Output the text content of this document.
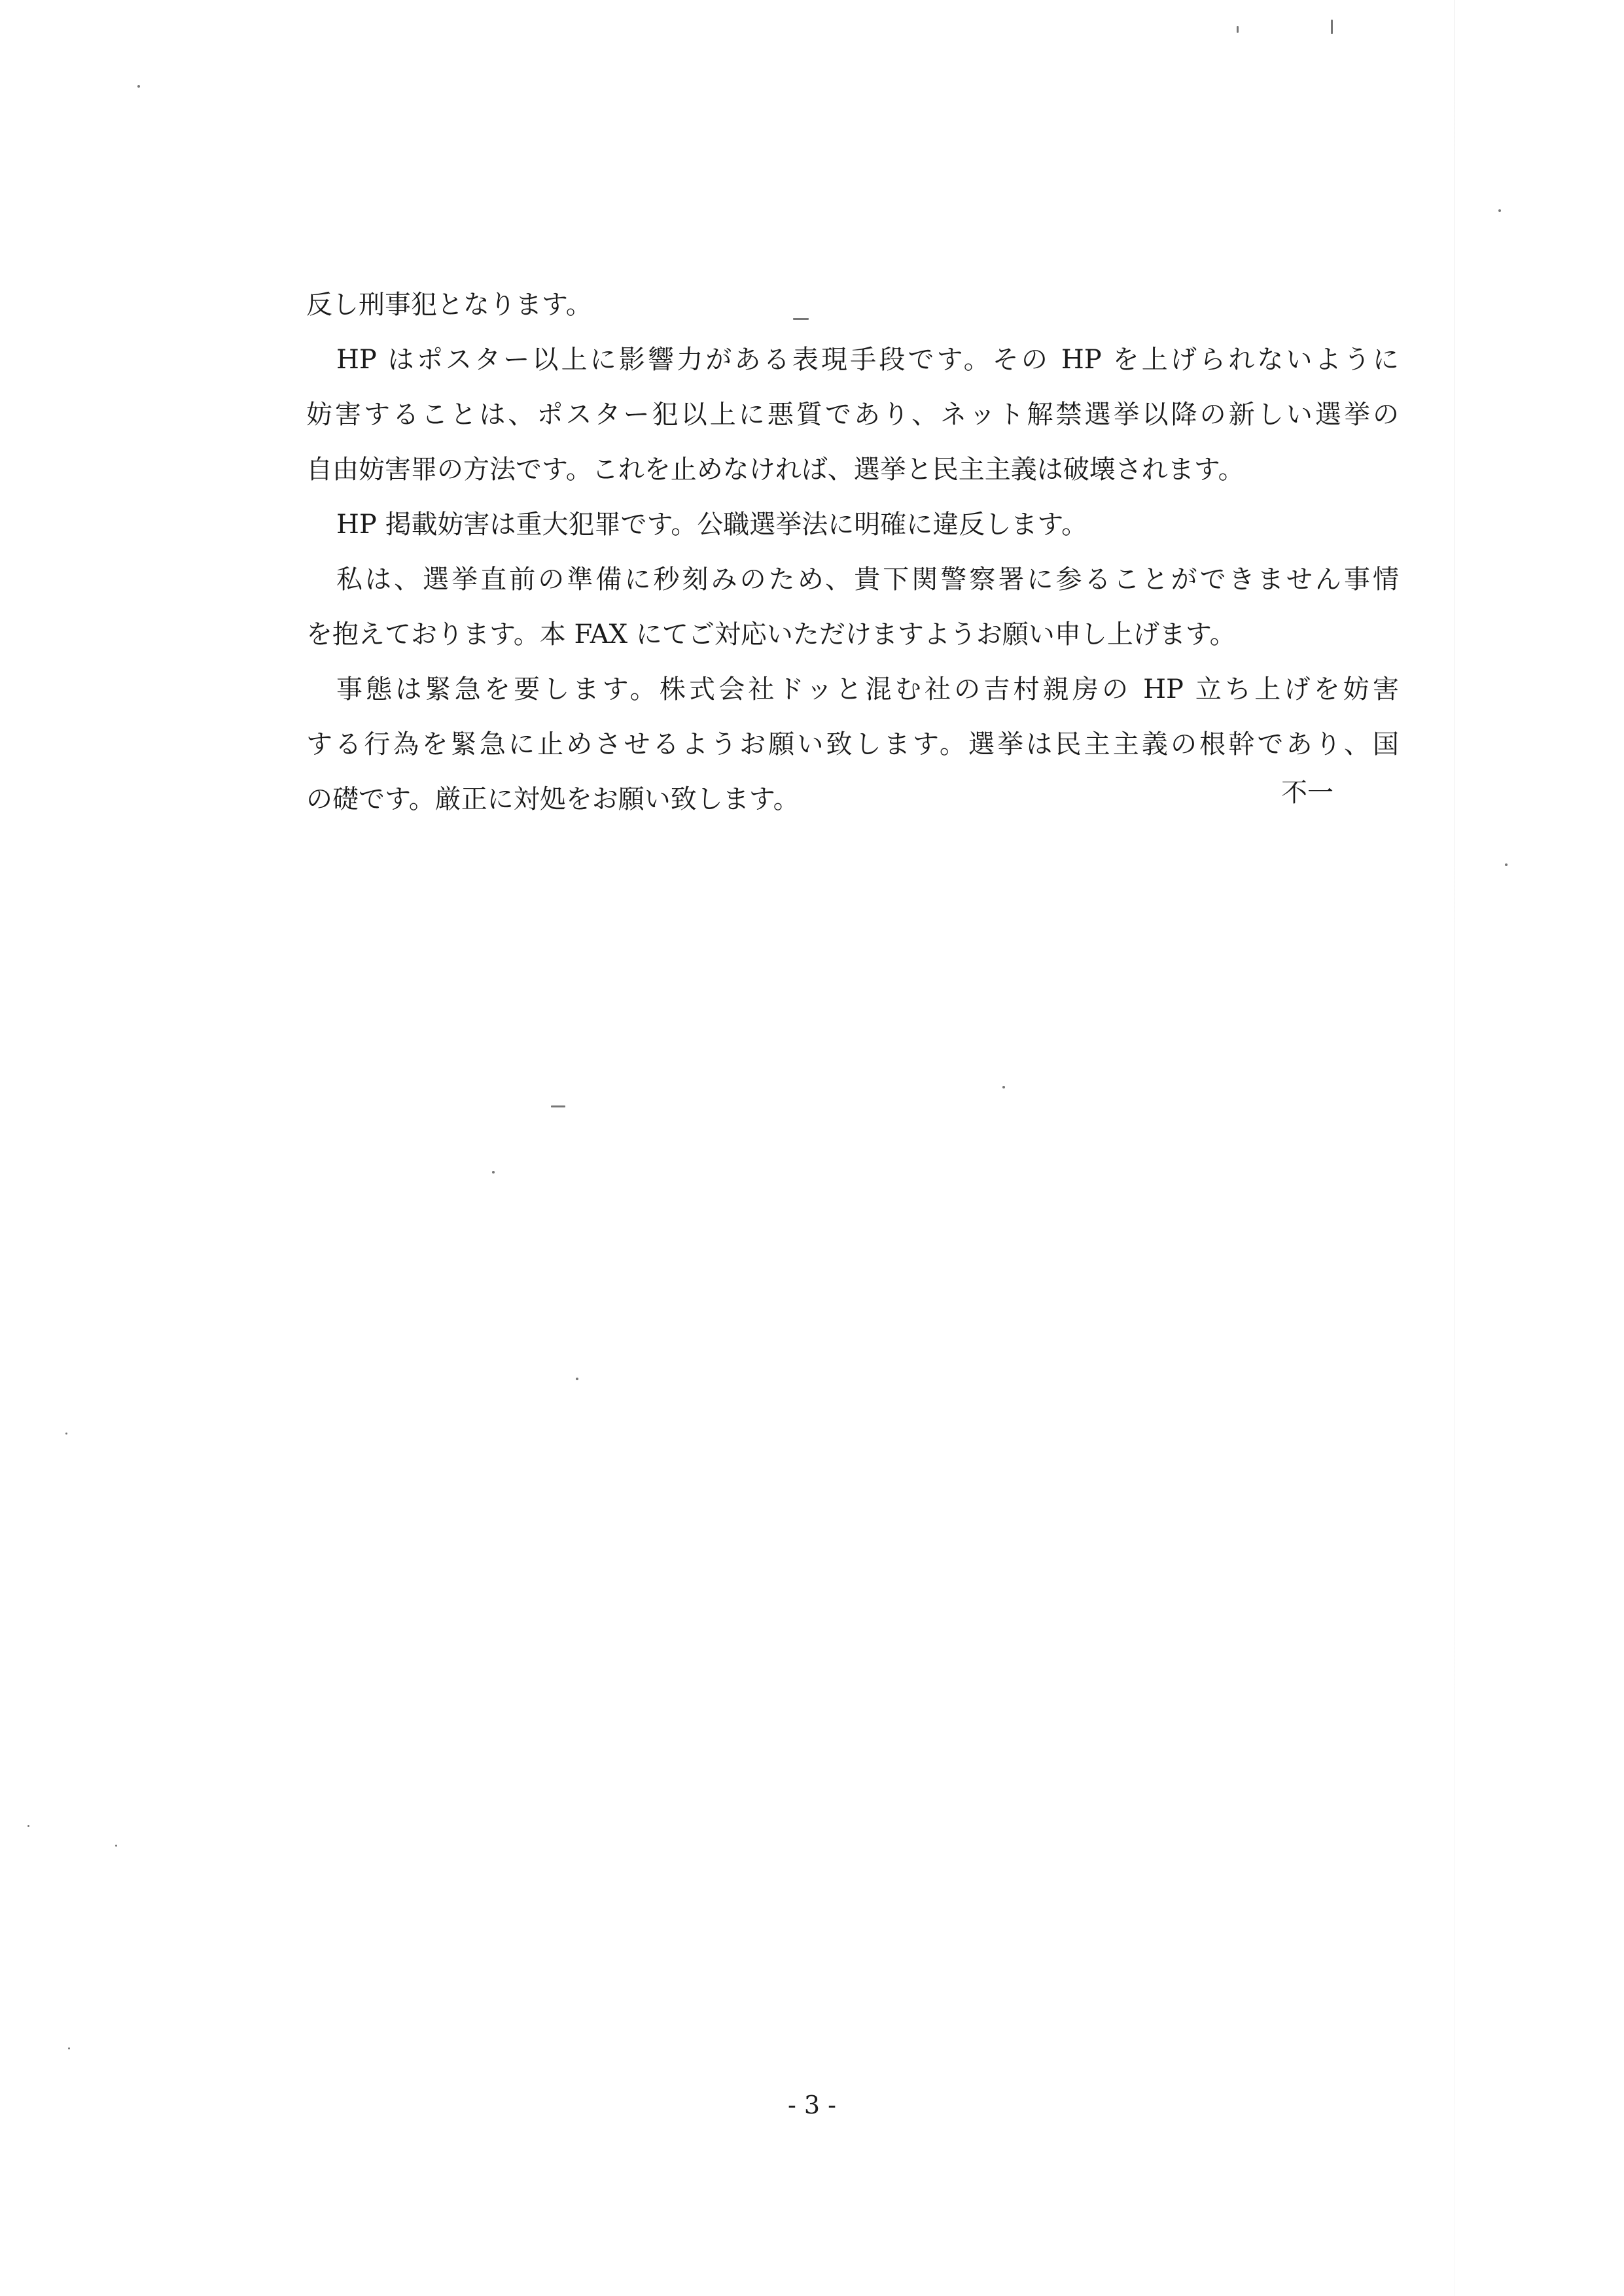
反し刑事犯となります。
HP はポスター以上に影響力がある表現手段です。その HP を上げられないように
妨害することは、ポスター犯以上に悪質であり、ネット解禁選挙以降の新しい選挙の
自由妨害罪の方法です。これを止めなければ、選挙と民主主義は破壊されます。
HP 掲載妨害は重大犯罪です。公職選挙法に明確に違反します。
私は、選挙直前の準備に秒刻みのため、貴下関警察署に参ることができません事情
を抱えております。本 FAX にてご対応いただけますようお願い申し上げます。
事態は緊急を要します。株式会社ドッと混む社の吉村親房の HP 立ち上げを妨害
する行為を緊急に止めさせるようお願い致します。選挙は民主主義の根幹であり、国
の礎です。厳正に対処をお願い致します。	不一
- 3 -
